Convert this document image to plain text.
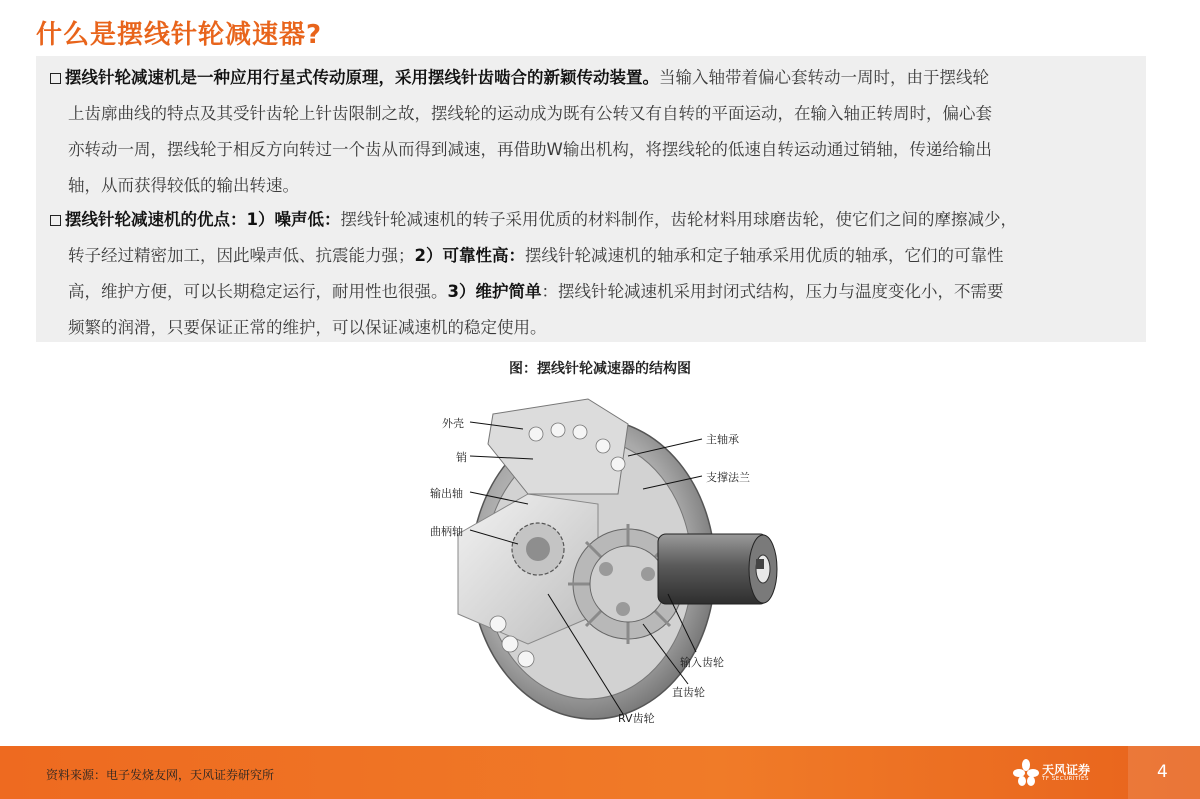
什么是摆线针轮减速器?
摆线针轮减速机是一种应用行星式传动原理，采用摆线针齿啮合的新颖传动装置。当输入轴带着偏心套转动一周时，由于摆线轮
上齿廓曲线的特点及其受针齿轮上针齿限制之故，摆线轮的运动成为既有公转又有自转的平面运动，在输入轴正转周时，偏心套
亦转动一周，摆线轮于相反方向转过一个齿从而得到减速，再借助W输出机构，将摆线轮的低速自转运动通过销轴，传递给输出
轴，从而获得较低的输出转速。
摆线针轮减速机的优点：1）噪声低：摆线针轮减速机的转子采用优质的材料制作，齿轮材料用球磨齿轮，使它们之间的摩擦减少，
转子经过精密加工，因此噪声低、抗震能力强；2）可靠性高：摆线针轮减速机的轴承和定子轴承采用优质的轴承，它们的可靠性
高，维护方便，可以长期稳定运行，耐用性也很强。3）维护简单：摆线针轮减速机采用封闭式结构，压力与温度变化小，不需要
频繁的润滑，只要保证正常的维护，可以保证减速机的稳定使用。
图：摆线针轮减速器的结构图
外壳
销
输出轴
曲柄轴
主轴承
支撑法兰
输入齿轮
直齿轮
RV齿轮
资料来源：电子发烧友网，天风证券研究所	天风证券
TF SECURITIES	4
